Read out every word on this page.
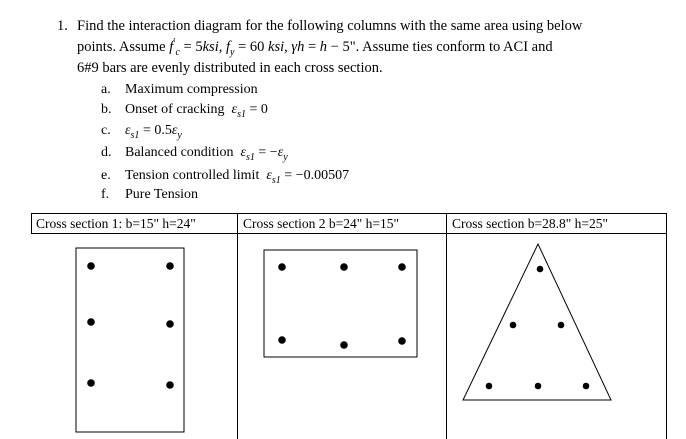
1. Find the interaction diagram for the following columns with the same area using below
points. Assume $f'_c = 5ksi$, $f_y = 60$ ksi, γh = h − 5". Assume ties conform to ACI and
6#9 bars are evenly distributed in each cross section.
a. Maximum compression
b. Onset of cracking  $\varepsilon_{s1} = 0$
c. $\varepsilon_{s1} = 0.5\varepsilon_y$
d. Balanced condition  $\varepsilon_{s1} = -\varepsilon_y$
e. Tension controlled limit  $\varepsilon_{s1} = -0.00507$
f. Pure Tension
Cross section 1: b=15" h=24"	Cross section 2 b=24" h=15"	Cross section b=28.8" h=25"
